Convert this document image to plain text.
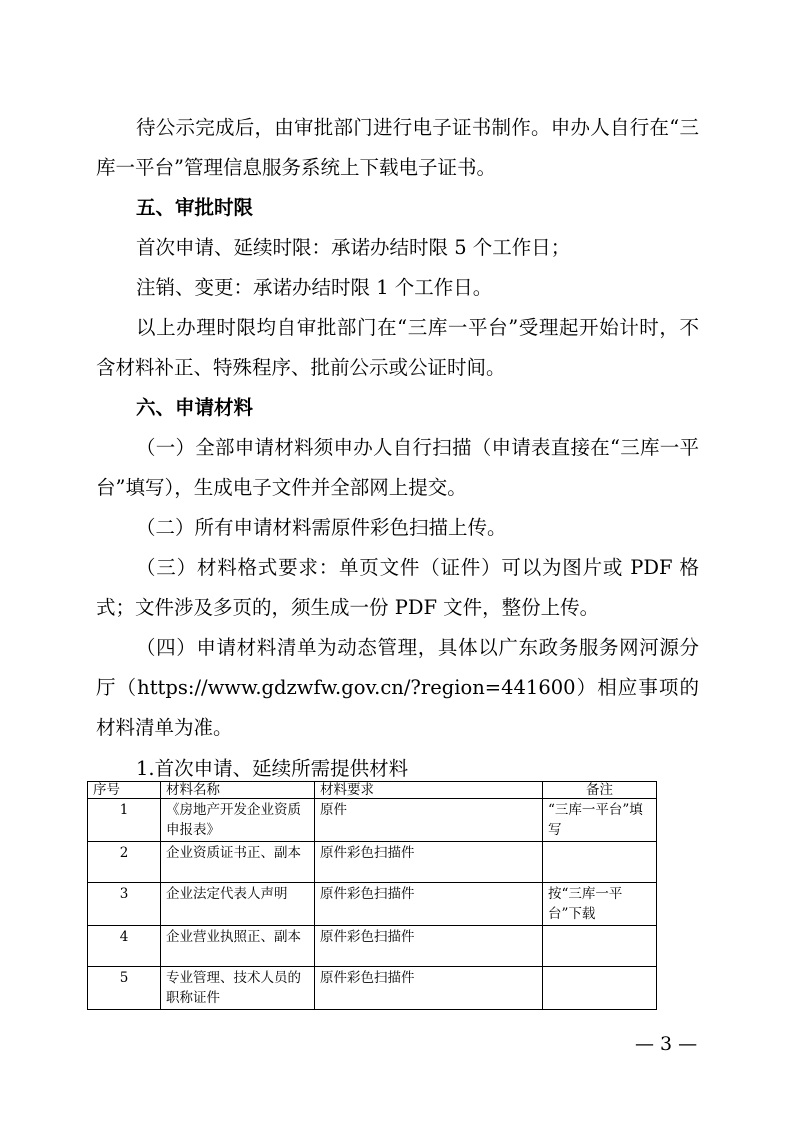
待公示完成后，由审批部门进行电子证书制作。申办人自行在“三库一平台”管理信息服务系统上下载电子证书。

五、审批时限

首次申请、延续时限：承诺办结时限 5 个工作日；

注销、变更：承诺办结时限 1 个工作日。

以上办理时限均自审批部门在“三库一平台”受理起开始计时，不含材料补正、特殊程序、批前公示或公证时间。

六、申请材料

（一）全部申请材料须申办人自行扫描（申请表直接在“三库一平台”填写），生成电子文件并全部网上提交。

（二）所有申请材料需原件彩色扫描上传。

（三）材料格式要求：单页文件（证件）可以为图片或 PDF 格式；文件涉及多页的，须生成一份 PDF 文件，整份上传。

（四）申请材料清单为动态管理，具体以广东政务服务网河源分厅（https://www.gdzwfw.gov.cn/?region=441600）相应事项的材料清单为准。

1.首次申请、延续所需提供材料

序号	材料名称	材料要求	备注
1	《房地产开发企业资质申报表》	原件	“三库一平台”填写
2	企业资质证书正、副本	原件彩色扫描件	
3	企业法定代表人声明	原件彩色扫描件	按“三库一平台”下载
4	企业营业执照正、副本	原件彩色扫描件	
5	专业管理、技术人员的职称证件	原件彩色扫描件	
— 3 —
